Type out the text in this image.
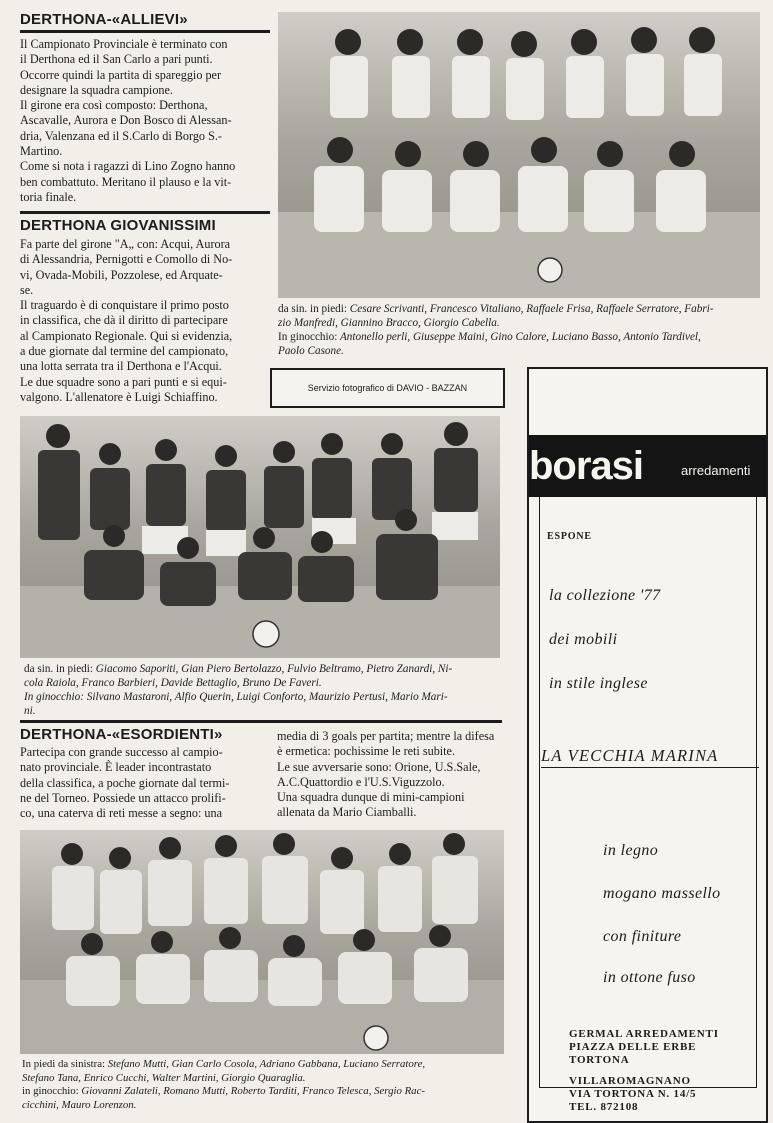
DERTHONA-«ALLIEVI»
Il Campionato Provinciale è terminato con
il Derthona ed il San Carlo a pari punti.
Occorre quindi la partita di spareggio per
designare la squadra campione.
Il girone era così composto: Derthona,
Ascavalle, Aurora e Don Bosco di Alessan-
dria, Valenzana ed il S.Carlo di Borgo S.-
Martino.
Come si nota i ragazzi di Lino Zogno hanno
ben combattuto. Meritano il plauso e la vit-
toria finale.
da sin. in piedi: Cesare Scrivanti, Francesco Vitaliano, Raffaele Frisa, Raffaele Serratore, Fabri-
zio Manfredi, Giannino Bracco, Giorgio Cabella.
In ginocchio: Antonello perli, Giuseppe Maini, Gino Calore, Luciano Basso, Antonio Tardivel,
Paolo Casone.
DERTHONA GIOVANISSIMI
Fa parte del girone "A„ con: Acqui, Aurora
di Alessandria, Pernigotti e Comollo di No-
vi, Ovada-Mobili, Pozzolese, ed Arquate-
se.
Il traguardo è di conquistare il primo posto
in classifica, che dà il diritto di partecipare
al Campionato Regionale. Qui si evidenzia,
a due giornate dal termine del campionato,
una lotta serrata tra il Derthona e l'Acqui.
Le due squadre sono a pari punti e si equi-
valgono. L'allenatore è Luigi Schiaffino.
Servizio fotografico di DAVIO - BAZZAN
da sin. in piedi: Giacomo Saporiti, Gian Piero Bertolazzo, Fulvio Beltramo, Pietro Zanardi, Ni-
cola Raiola, Franco Barbieri, Davide Bettaglio, Bruno De Faveri.
In ginocchio: Silvano Mastaroni, Alfio Querin, Luigi Conforto, Maurizio Pertusi, Mario Mari-
ni.
DERTHONA-«ESORDIENTI»
Partecipa con grande successo al campio-
nato provinciale. È leader incontrastato
della classifica, a poche giornate dal termi-
ne del Torneo. Possiede un attacco prolifi-
co, una caterva di reti messe a segno: una
media di 3 goals per partita; mentre la difesa
è ermetica: pochissime le reti subite.
Le sue avversarie sono: Orione, U.S.Sale,
A.C.Quattordio e l'U.S.Viguzzolo.
Una squadra dunque di mini-campioni
allenata da Mario Ciamballi.
In piedi da sinistra: Stefano Mutti, Gian Carlo Cosola, Adriano Gabbana, Luciano Serratore,
Stefano Tana, Enrico Cucchi, Walter Martini, Giorgio Quaraglia.
in ginocchio: Giovanni Zalateli, Romano Mutti, Roberto Tarditi, Franco Telesca, Sergio Rac-
cicchini, Mauro Lorenzon.
borasi	arredamenti
ESPONE
la collezione '77
dei mobili
in stile inglese
LA VECCHIA MARINA
in legno
mogano massello
con finiture
in ottone fuso
GERMAL ARREDAMENTI
PIAZZA DELLE ERBE
TORTONA
VILLAROMAGNANO
VIA TORTONA N. 14/5
TEL. 872108
